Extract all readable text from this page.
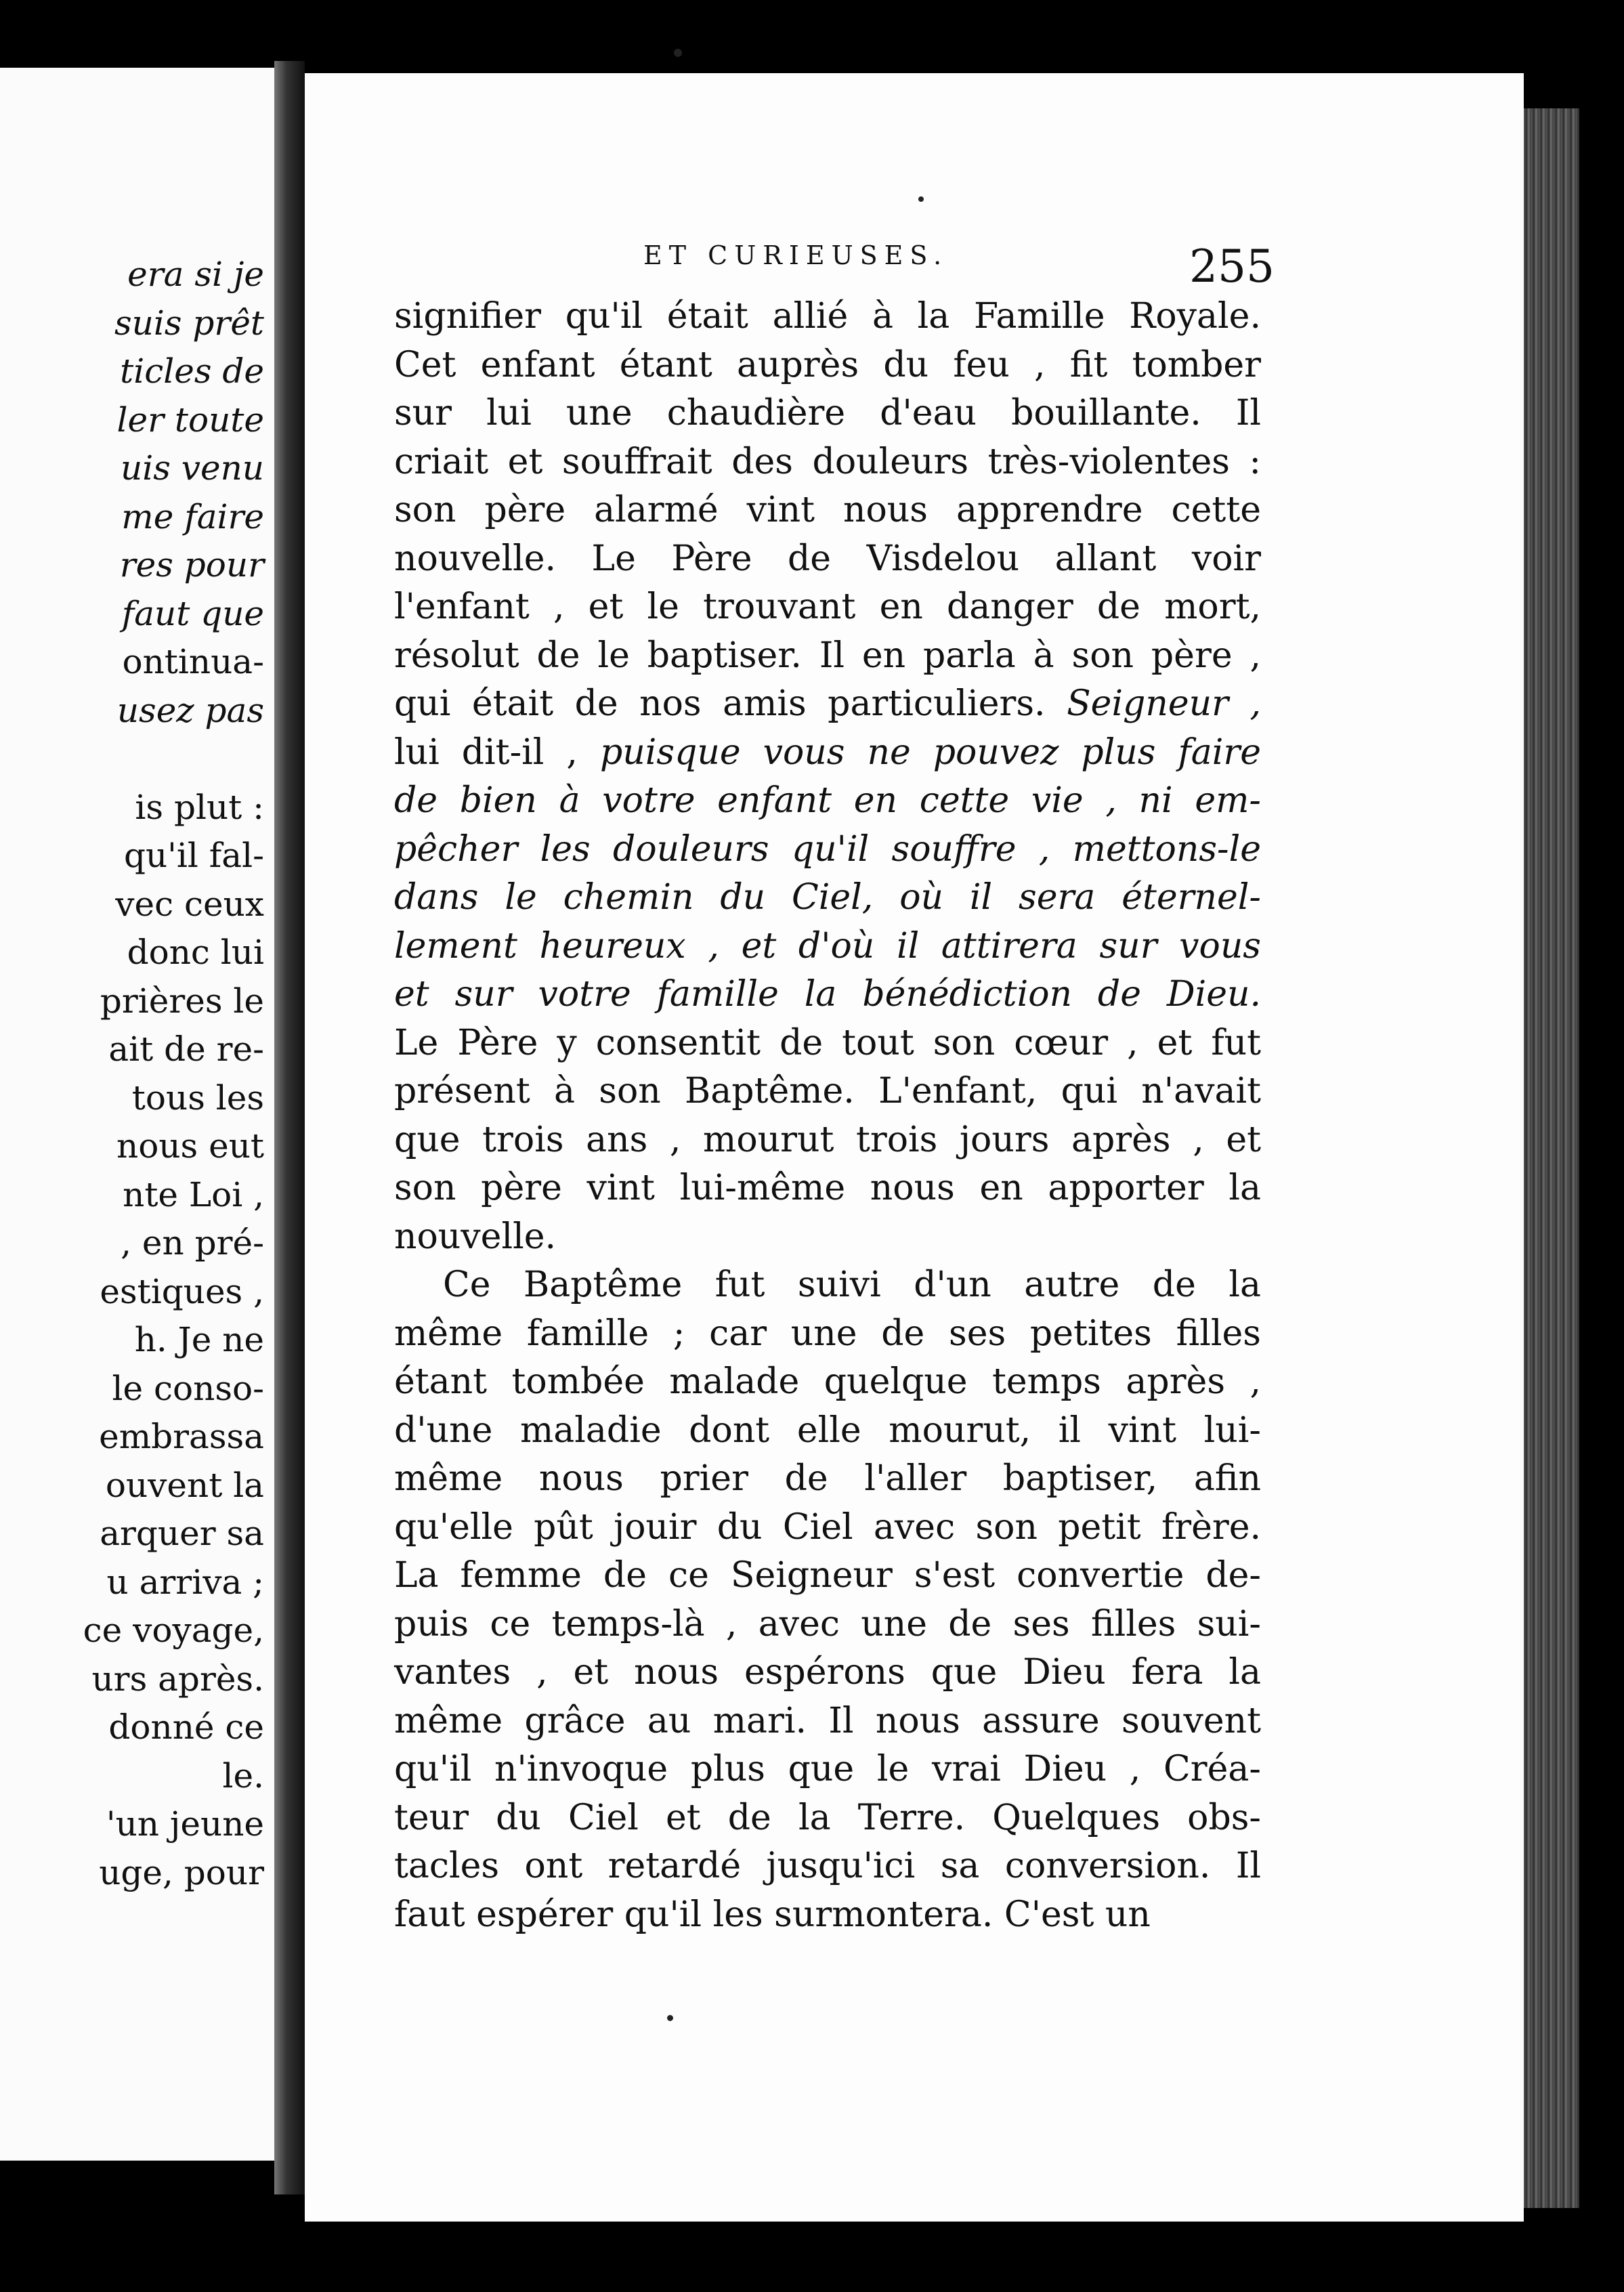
era si je
suis prêt
ticles de
ler toute
uis venu
me faire
res pour
faut que
ontinua-
usez pas
is plut :
qu'il fal-
vec ceux
donc lui
prières le
ait de re-
tous les
nous eut
nte Loi ,
, en pré-
estiques ,
h. Je ne
le conso-
embrassa
ouvent la
arquer sa
u arriva ;
ce voyage,
urs après.
donné ce
le.
'un jeune
uge, pour
ET CURIEUSES.	255
signifier qu'il était allié à la Famille Royale.
Cet enfant étant auprès du feu , fit tomber
sur lui une chaudière d'eau bouillante. Il
criait et souffrait des douleurs très-violentes :
son père alarmé vint nous apprendre cette
nouvelle. Le Père de Visdelou allant voir
l'enfant , et le trouvant en danger de mort,
résolut de le baptiser. Il en parla à son père ,
qui était de nos amis particuliers. Seigneur ,
lui dit-il , puisque vous ne pouvez plus faire
de bien à votre enfant en cette vie , ni em-
pêcher les douleurs qu'il souffre , mettons-le
dans le chemin du Ciel, où il sera éternel-
lement heureux , et d'où il attirera sur vous
et sur votre famille la bénédiction de Dieu.
Le Père y consentit de tout son cœur , et fut
présent à son Baptême. L'enfant, qui n'avait
que trois ans , mourut trois jours après , et
son père vint lui-même nous en apporter la
nouvelle.
Ce Baptême fut suivi d'un autre de la
même famille ; car une de ses petites filles
étant tombée malade quelque temps après ,
d'une maladie dont elle mourut, il vint lui-
même nous prier de l'aller baptiser, afin
qu'elle pût jouir du Ciel avec son petit frère.
La femme de ce Seigneur s'est convertie de-
puis ce temps-là , avec une de ses filles sui-
vantes , et nous espérons que Dieu fera la
même grâce au mari. Il nous assure souvent
qu'il n'invoque plus que le vrai Dieu , Créa-
teur du Ciel et de la Terre. Quelques obs-
tacles ont retardé jusqu'ici sa conversion. Il
faut espérer qu'il les surmontera. C'est un
